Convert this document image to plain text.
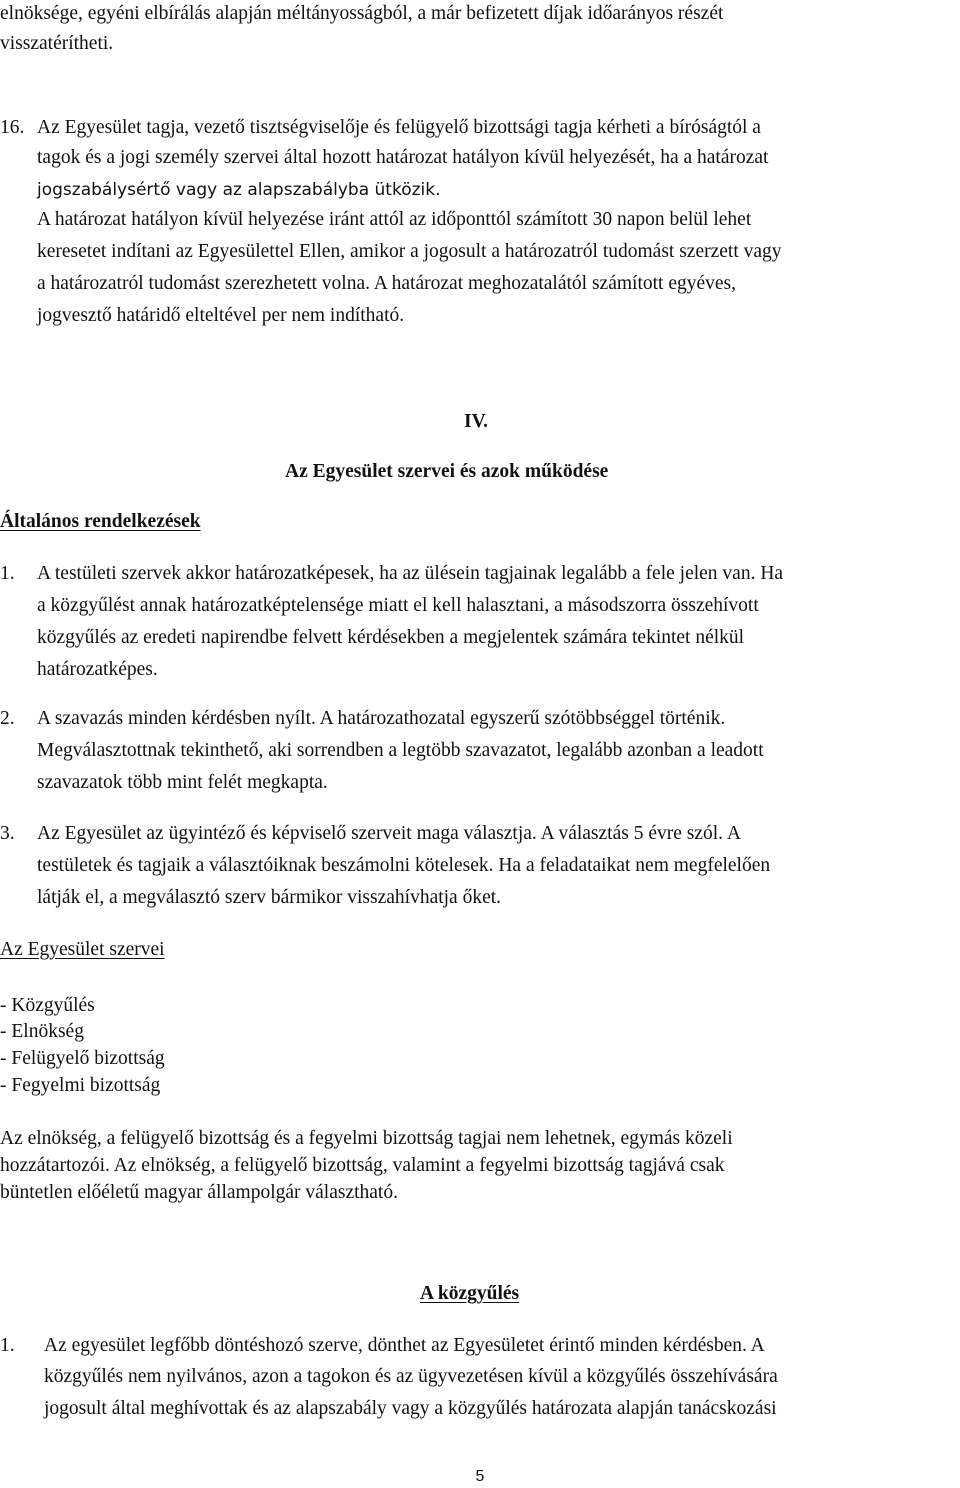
elnöksége, egyéni elbírálás alapján méltányosságból, a már befizetett díjak időarányos részét

visszatérítheti.

16. Az Egyesület tagja, vezető tisztségviselője és felügyelő bizottsági tagja kérheti a bíróságtól a

tagok és a jogi személy szervei által hozott határozat hatályon kívül helyezését, ha a határozat

jogszabálysértő vagy az alapszabályba ütközik.

A határozat hatályon kívül helyezése iránt attól az időponttól számított 30 napon belül lehet

keresetet indítani az Egyesülettel Ellen, amikor a jogosult a határozatról tudomást szerzett vagy

a határozatról tudomást szerezhetett volna. A határozat meghozatalától számított egyéves,

jogvesztő határidő elteltével per nem indítható.

IV.

Az Egyesület szervei és azok működése

Általános rendelkezések

1. A testületi szervek akkor határozatképesek, ha az ülésein tagjainak legalább a fele jelen van. Ha

a közgyűlést annak határozatképtelensége miatt el kell halasztani, a másodszorra összehívott

közgyűlés az eredeti napirendbe felvett kérdésekben a megjelentek számára tekintet nélkül

határozatképes.

2. A szavazás minden kérdésben nyílt. A határozathozatal egyszerű szótöbbséggel történik.

Megválasztottnak tekinthető, aki sorrendben a legtöbb szavazatot, legalább azonban a leadott

szavazatok több mint felét megkapta.

3. Az Egyesület az ügyintéző és képviselő szerveit maga választja. A választás 5 évre szól. A

testületek és tagjaik a választóiknak beszámolni kötelesek. Ha a feladataikat nem megfelelően

látják el, a megválasztó szerv bármikor visszahívhatja őket.

Az Egyesület szervei

- Közgyűlés

- Elnökség

- Felügyelő bizottság

- Fegyelmi bizottság

Az elnökség, a felügyelő bizottság és a fegyelmi bizottság tagjai nem lehetnek, egymás közeli

hozzátartozói. Az elnökség, a felügyelő bizottság, valamint a fegyelmi bizottság tagjává csak

büntetlen előéletű magyar állampolgár választható.

A közgyűlés

1. Az egyesület legfőbb döntéshozó szerve, dönthet az Egyesületet érintő minden kérdésben. A

közgyűlés nem nyilvános, azon a tagokon és az ügyvezetésen kívül a közgyűlés összehívására

jogosult által meghívottak és az alapszabály vagy a közgyűlés határozata alapján tanácskozási

5
